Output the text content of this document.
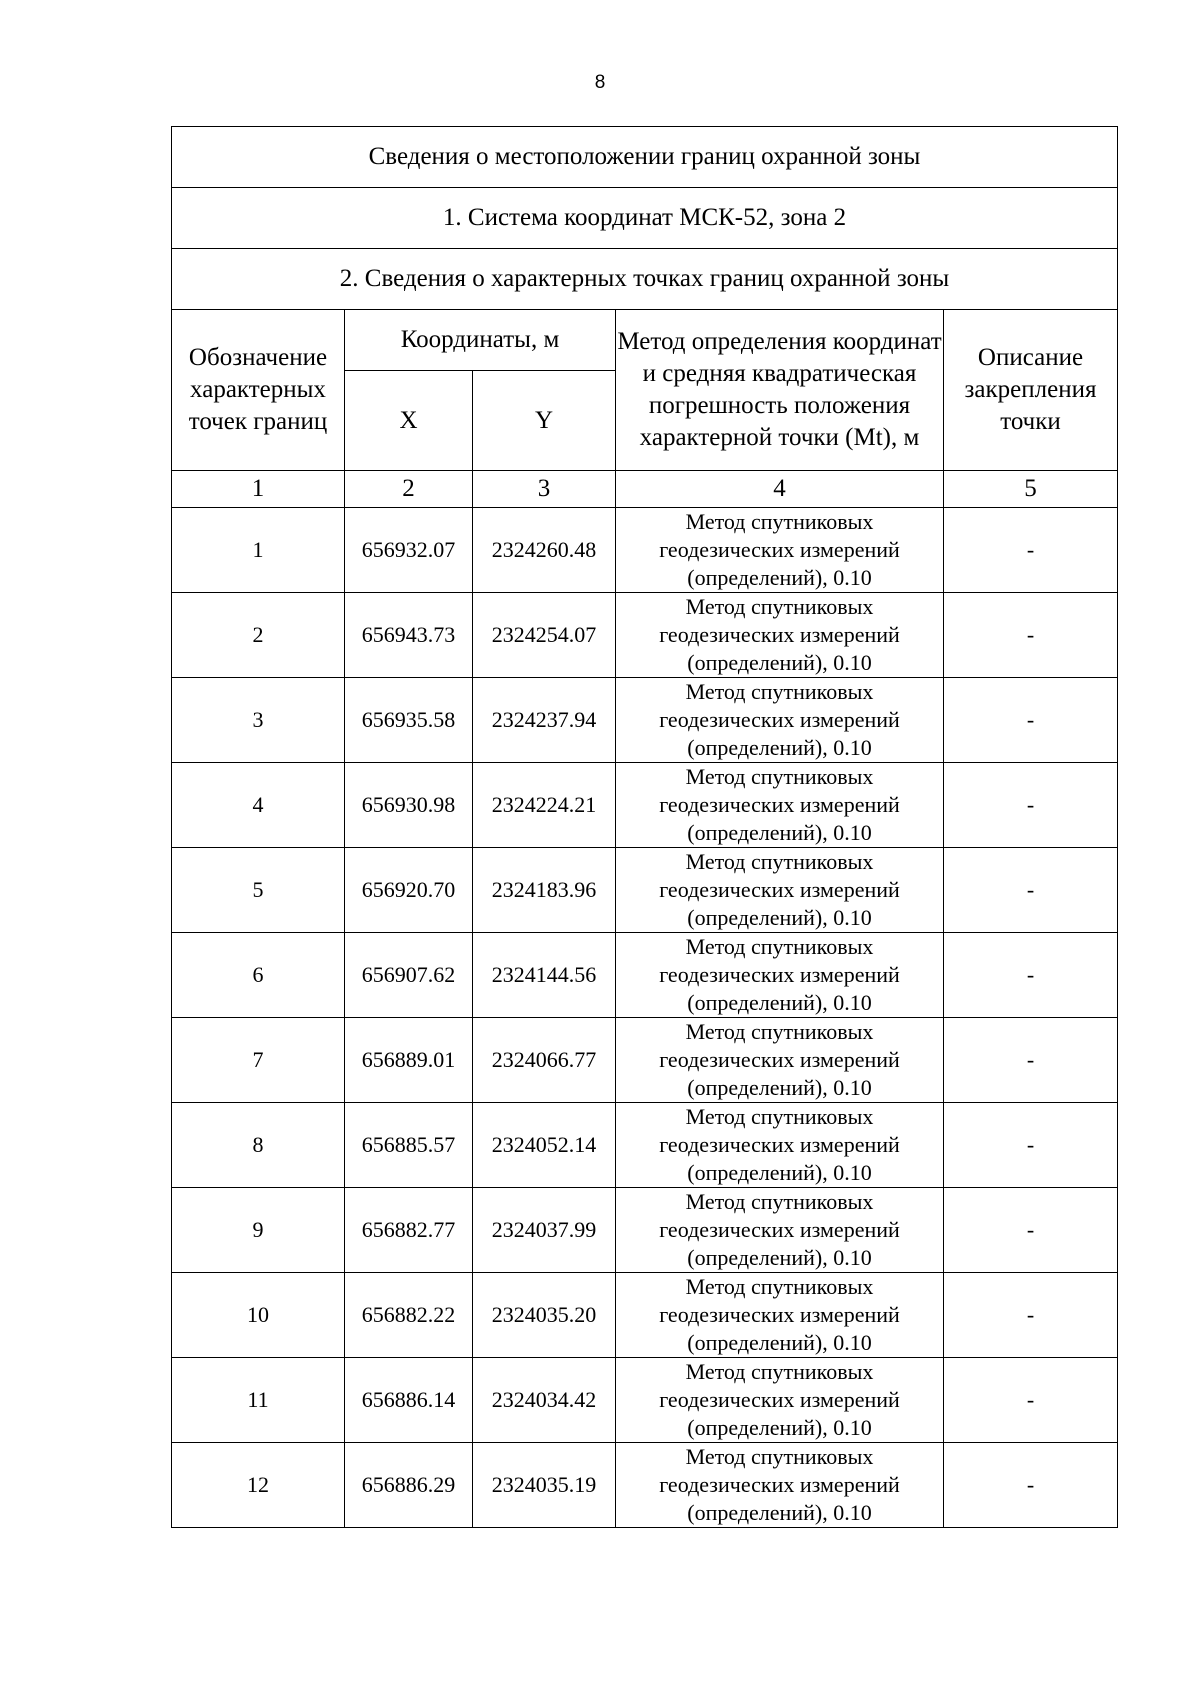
8
Сведения о местоположении границ охранной зоны				
1. Система координат МСК-52, зона 2				
2. Сведения о характерных точках границ охранной зоны				
Обозначение характерных точек границ	Координаты, м		Метод определения координат и средняя квадратическая погрешность положения характерной точки (Mt), м	Описание закрепления точки
	X	Y		
1	2	3	4	5
1	656932.07	2324260.48	Метод спутниковых геодезических измерений (определений), 0.10	-
2	656943.73	2324254.07	Метод спутниковых геодезических измерений (определений), 0.10	-
3	656935.58	2324237.94	Метод спутниковых геодезических измерений (определений), 0.10	-
4	656930.98	2324224.21	Метод спутниковых геодезических измерений (определений), 0.10	-
5	656920.70	2324183.96	Метод спутниковых геодезических измерений (определений), 0.10	-
6	656907.62	2324144.56	Метод спутниковых геодезических измерений (определений), 0.10	-
7	656889.01	2324066.77	Метод спутниковых геодезических измерений (определений), 0.10	-
8	656885.57	2324052.14	Метод спутниковых геодезических измерений (определений), 0.10	-
9	656882.77	2324037.99	Метод спутниковых геодезических измерений (определений), 0.10	-
10	656882.22	2324035.20	Метод спутниковых геодезических измерений (определений), 0.10	-
11	656886.14	2324034.42	Метод спутниковых геодезических измерений (определений), 0.10	-
12	656886.29	2324035.19	Метод спутниковых геодезических измерений (определений), 0.10	-
